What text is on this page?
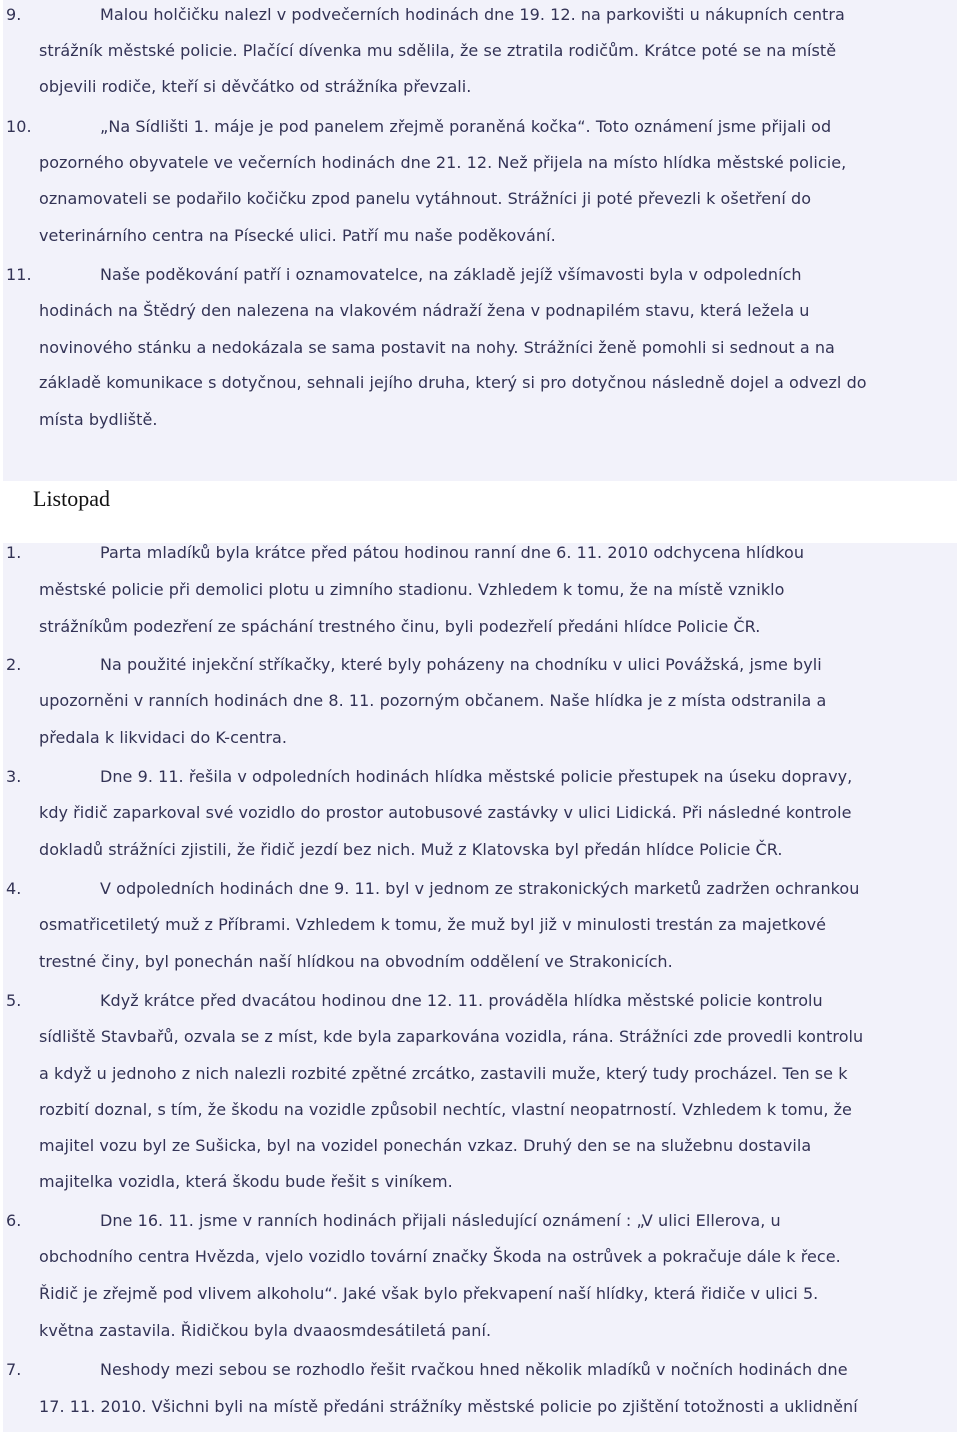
9.	Malou holčičku nalezl v podvečerních hodinách dne 19. 12. na parkovišti u nákupních centra
strážník městské policie. Plačící dívenka mu sdělila, že se ztratila rodičům. Krátce poté se na místě
objevili rodiče, kteří si děvčátko od strážníka převzali.
10.	„Na Sídlišti 1. máje je pod panelem zřejmě poraněná kočka“. Toto oznámení jsme přijali od
pozorného obyvatele ve večerních hodinách dne 21. 12. Než přijela na místo hlídka městské policie,
oznamovateli se podařilo kočičku zpod panelu vytáhnout. Strážníci ji poté převezli k ošetření do
veterinárního centra na Písecké ulici. Patří mu naše poděkování.
11.	Naše poděkování patří i oznamovatelce, na základě jejíž všímavosti byla v odpoledních
hodinách na Štědrý den nalezena na vlakovém nádraží žena v podnapilém stavu, která ležela u
novinového stánku a nedokázala se sama postavit na nohy. Strážníci ženě pomohli si sednout a na
základě komunikace s dotyčnou, sehnali jejího druha, který si pro dotyčnou následně dojel a odvezl do
místa bydliště.
1.	Parta mladíků byla krátce před pátou hodinou ranní dne 6. 11. 2010 odchycena hlídkou
městské policie při demolici plotu u zimního stadionu. Vzhledem k tomu, že na místě vzniklo
strážníkům podezření ze spáchání trestného činu, byli podezřelí předáni hlídce Policie ČR.
2.	Na použité injekční stříkačky, které byly poházeny na chodníku v ulici Povážská, jsme byli
upozorněni v ranních hodinách dne 8. 11. pozorným občanem. Naše hlídka je z místa odstranila a
předala k likvidaci do K-centra.
3.	Dne 9. 11. řešila v odpoledních hodinách hlídka městské policie přestupek na úseku dopravy,
kdy řidič zaparkoval své vozidlo do prostor autobusové zastávky v ulici Lidická. Při následné kontrole
dokladů strážníci zjistili, že řidič jezdí bez nich. Muž z Klatovska byl předán hlídce Policie ČR.
4.	V odpoledních hodinách dne 9. 11. byl v jednom ze strakonických marketů zadržen ochrankou
osmatřicetiletý muž z Příbrami. Vzhledem k tomu, že muž byl již v minulosti trestán za majetkové
trestné činy, byl ponechán naší hlídkou na obvodním oddělení ve Strakonicích.
5.	Když krátce před dvacátou hodinou dne 12. 11. prováděla hlídka městské policie kontrolu
sídliště Stavbařů, ozvala se z míst, kde byla zaparkována vozidla, rána. Strážníci zde provedli kontrolu
a když u jednoho z nich nalezli rozbité zpětné zrcátko, zastavili muže, který tudy procházel. Ten se k
rozbití doznal, s tím, že škodu na vozidle způsobil nechtíc, vlastní neopatrností. Vzhledem k tomu, že
majitel vozu byl ze Sušicka, byl na vozidel ponechán vzkaz. Druhý den se na služebnu dostavila
majitelka vozidla, která škodu bude řešit s viníkem.
6.	Dne 16. 11. jsme v ranních hodinách přijali následující oznámení : „V ulici Ellerova, u
obchodního centra Hvězda, vjelo vozidlo tovární značky Škoda na ostrůvek a pokračuje dále k řece.
Řidič je zřejmě pod vlivem alkoholu“. Jaké však bylo překvapení naší hlídky, která řidiče v ulici 5.
května zastavila. Řidičkou byla dvaaosmdesátiletá paní.
7.	Neshody mezi sebou se rozhodlo řešit rvačkou hned několik mladíků v nočních hodinách dne
17. 11. 2010. Všichni byli na místě předáni strážníky městské policie po zjištění totožnosti a uklidnění
Listopad
